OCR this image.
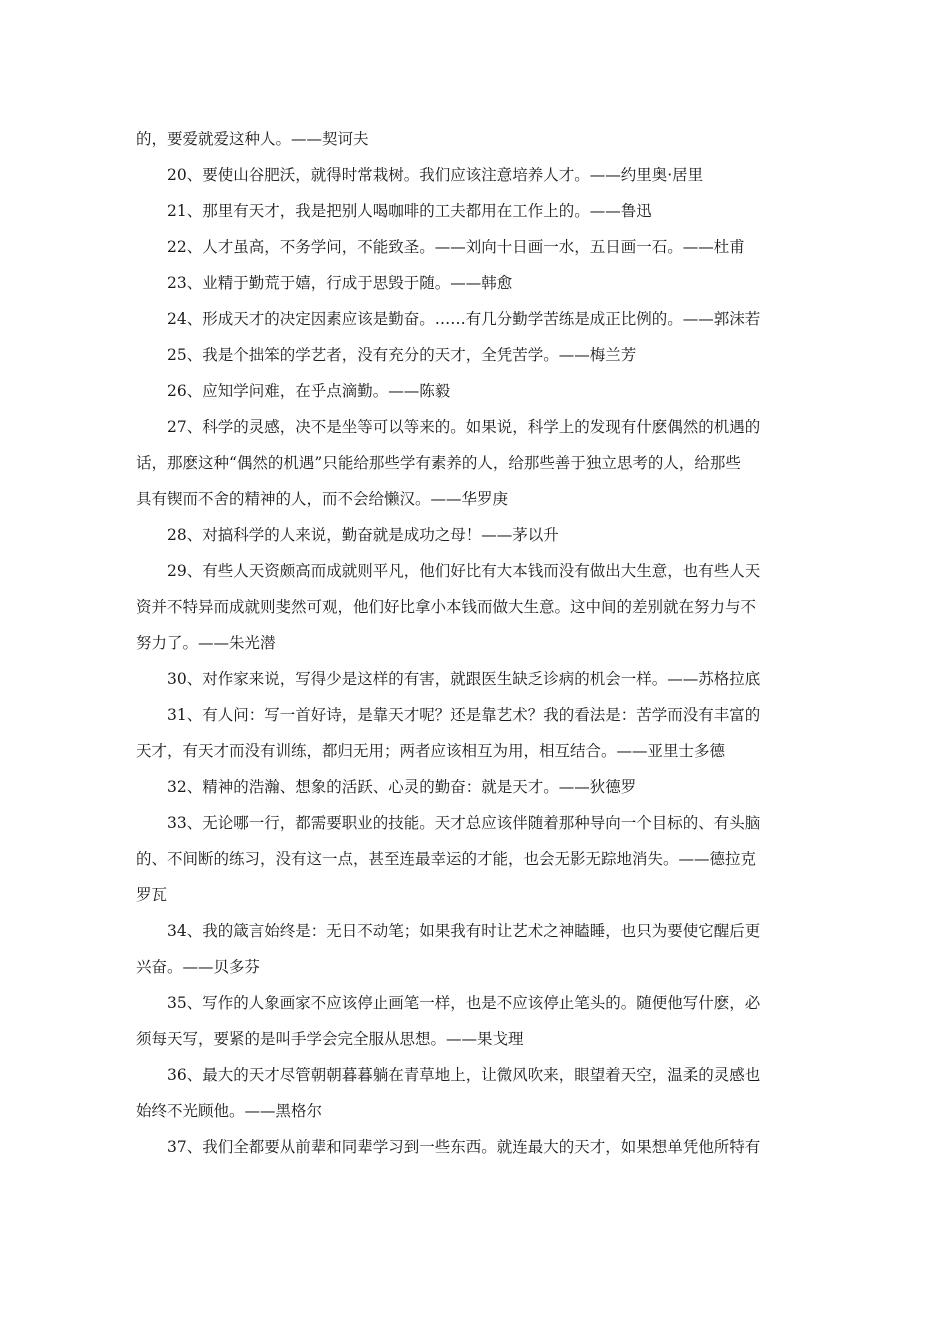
的，要爱就爱这种人。——契诃夫
20、要使山谷肥沃，就得时常栽树。我们应该注意培养人才。——约里奥·居里
21、那里有天才，我是把别人喝咖啡的工夫都用在工作上的。——鲁迅
22、人才虽高，不务学问，不能致圣。——刘向十日画一水，五日画一石。——杜甫
23、业精于勤荒于嬉，行成于思毁于随。——韩愈
24、形成天才的决定因素应该是勤奋。……有几分勤学苦练是成正比例的。——郭沫若
25、我是个拙笨的学艺者，没有充分的天才，全凭苦学。——梅兰芳
26、应知学问难，在乎点滴勤。——陈毅
27、科学的灵感，决不是坐等可以等来的。如果说，科学上的发现有什麽偶然的机遇的
话，那麽这种“偶然的机遇”只能给那些学有素养的人，给那些善于独立思考的人，给那些
具有锲而不舍的精神的人，而不会给懒汉。——华罗庚
28、对搞科学的人来说，勤奋就是成功之母！——茅以升
29、有些人天资颇高而成就则平凡，他们好比有大本钱而没有做出大生意，也有些人天
资并不特异而成就则斐然可观，他们好比拿小本钱而做大生意。这中间的差别就在努力与不
努力了。——朱光潜
30、对作家来说，写得少是这样的有害，就跟医生缺乏诊病的机会一样。——苏格拉底
31、有人问：写一首好诗，是靠天才呢？还是靠艺术？我的看法是：苦学而没有丰富的
天才，有天才而没有训练，都归无用；两者应该相互为用，相互结合。——亚里士多德
32、精神的浩瀚、想象的活跃、心灵的勤奋：就是天才。——狄德罗
33、无论哪一行，都需要职业的技能。天才总应该伴随着那种导向一个目标的、有头脑
的、不间断的练习，没有这一点，甚至连最幸运的才能，也会无影无踪地消失。——德拉克
罗瓦
34、我的箴言始终是：无日不动笔；如果我有时让艺术之神瞌睡，也只为要使它醒后更
兴奋。——贝多芬
35、写作的人象画家不应该停止画笔一样，也是不应该停止笔头的。随便他写什麽，必
须每天写，要紧的是叫手学会完全服从思想。——果戈理
36、最大的天才尽管朝朝暮暮躺在青草地上，让微风吹来，眼望着天空，温柔的灵感也
始终不光顾他。——黑格尔
37、我们全都要从前辈和同辈学习到一些东西。就连最大的天才，如果想单凭他所特有
